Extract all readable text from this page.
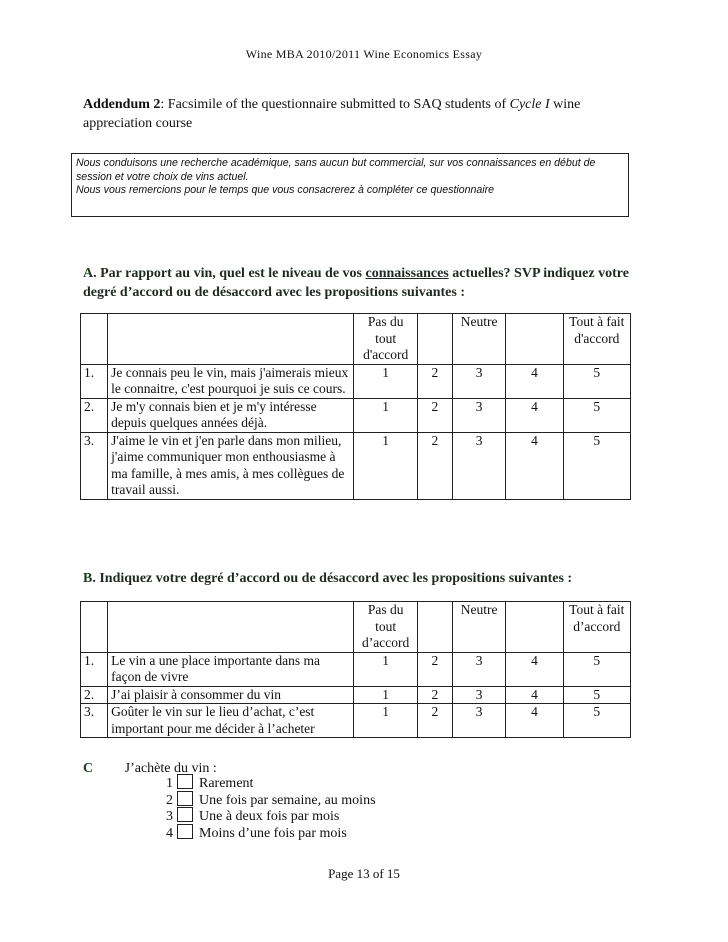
Wine MBA 2010/2011 Wine Economics Essay
Addendum 2: Facsimile of the questionnaire submitted to SAQ students of Cycle I wine appreciation course
Nous conduisons une recherche académique, sans aucun but commercial, sur vos connaissances en début de session et votre choix de vins actuel.
Nous vous remercions pour le temps que vous consacrerez à compléter ce questionnaire
A. Par rapport au vin, quel est le niveau de vos connaissances actuelles? SVP indiquez votre degré d’accord ou de désaccord avec les propositions suivantes :
		Pas du tout d'accord		Neutre		Tout à fait d'accord
1.	Je connais peu le vin, mais j'aimerais mieux le connaitre, c'est pourquoi je suis ce cours.	1	2	3	4	5
2.	Je m'y connais bien et je m'y intéresse depuis quelques années déjà.	1	2	3	4	5
3.	J'aime le vin et j'en parle dans mon milieu, j'aime communiquer mon enthousiasme à ma famille, à mes amis, à mes collègues de travail aussi.	1	2	3	4	5
B. Indiquez votre degré d’accord ou de désaccord avec les propositions suivantes :
		Pas du tout d’accord		Neutre		Tout à fait d’accord
1.	Le vin a une place importante dans ma façon de vivre	1	2	3	4	5
2.	J’ai plaisir à consommer du vin	1	2	3	4	5
3.	Goûter le vin sur le lieu d’achat, c’est important pour me décider à l’acheter	1	2	3	4	5
C J’achète du vin :
1 Rarement
2 Une fois par semaine, au moins
3 Une à deux fois par mois
4 Moins d’une fois par mois
Page 13 of 15
